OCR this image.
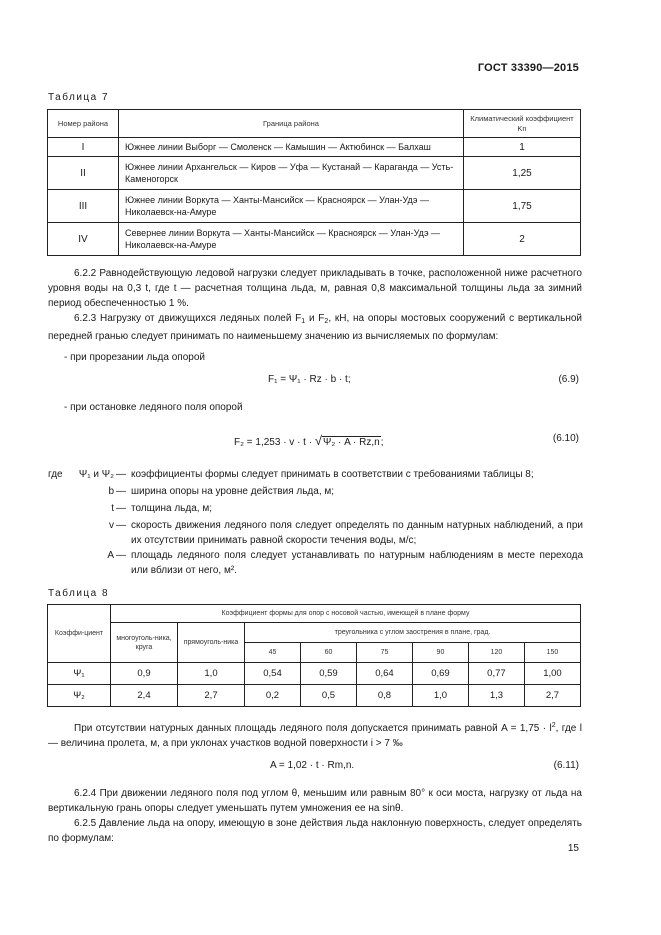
ГОСТ 33390—2015
Таблица 7
Номер района	Граница района	Климатический коэффициент Kn
I	Южнее линии Выборг — Смоленск — Камышин — Актюбинск — Балхаш	1
II	Южнее линии Архангельск — Киров — Уфа — Кустанай — Караганда — Усть-Каменогорск	1,25
III	Южнее линии Воркута — Ханты-Мансийск — Красноярск — Улан-Удэ — Николаевск-на-Амуре	1,75
IV	Севернее линии Воркута — Ханты-Мансийск — Красноярск — Улан-Удэ — Николаевск-на-Амуре	2
6.2.2 Равнодействующую ледовой нагрузки следует прикладывать в точке, расположенной ниже расчетного уровня воды на 0,3 t, где t — расчетная толщина льда, м, равная 0,8 максимальной толщины льда за зимний период обеспеченностью 1 %.
6.2.3 Нагрузку от движущихся ледяных полей $F_1$ и $F_2$, кН, на опоры мостовых сооружений с вертикальной передней гранью следует принимать по наименьшему значению из вычисляемых по формулам:
- при прорезании льда опорой
F₁ = Ψ₁ · Rz · b · t;	(6.9)
- при остановке ледяного поля опорой
F₂ = 1,253 · v · t · √Ψ₂ · A · Rz,n;	(6.10)
где	Ψ₁ и Ψ₂ — коэффициенты формы следует принимать в соответствии с требованиями таблицы 8;
b — ширина опоры на уровне действия льда, м;
t — толщина льда, м;
v — скорость движения ледяного поля следует определять по данным натурных наблюдений, а при их отсутствии принимать равной скорости течения воды, м/с;
A — площадь ледяного поля следует устанавливать по натурным наблюдениям в месте перехода или вблизи от него, м².
Таблица 8
Коэффи-циент	Коэффициент формы для опор с носовой частью, имеющей в плане форму							
	многоуголь-ника, круга	прямоуголь-ника	треугольника с углом заострения в плане, град.					
			45	60	75	90	120	150
Ψ₁	0,9	1,0	0,54	0,59	0,64	0,69	0,77	1,00
Ψ₂	2,4	2,7	0,2	0,5	0,8	1,0	1,3	2,7
При отсутствии натурных данных площадь ледяного поля допускается принимать равной $A = 1,75 \cdot l^2$, где l — величина пролета, м, а при уклонах участков водной поверхности i > 7 ‰
A = 1,02 · t · Rm,n.	(6.11)
6.2.4 При движении ледяного поля под углом θ, меньшим или равным 80° к оси моста, нагрузку от льда на вертикальную грань опоры следует уменьшать путем умножения ее на sinθ.
6.2.5 Давление льда на опору, имеющую в зоне действия льда наклонную поверхность, следует определять по формулам:
15
